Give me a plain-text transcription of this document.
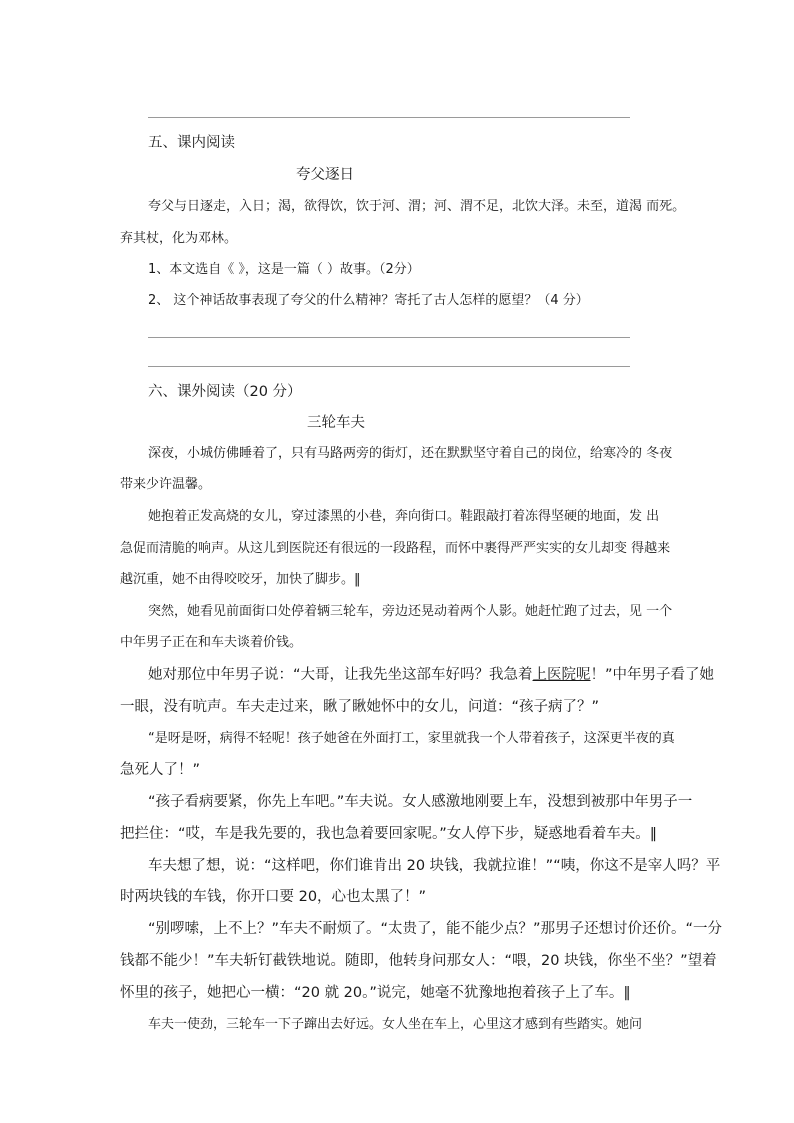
五、课内阅读
夸父逐日
夸父与日逐走，入日；渴，欲得饮，饮于河、渭；河、渭不足，北饮大泽。未至，道渴 而死。
弃其杖，化为邓林。
1、本文选自《 》，这是一篇（ ）故事。（2分）
2、 这个神话故事表现了夸父的什么精神？寄托了古人怎样的愿望？（4 分）
六、课外阅读（20 分）
三轮车夫
深夜，小城仿佛睡着了，只有马路两旁的街灯，还在默默坚守着自己的岗位，给寒冷的 冬夜
带来少许温馨。
她抱着正发高烧的女儿，穿过漆黑的小巷，奔向街口。鞋跟敲打着冻得坚硬的地面，发 出
急促而清脆的响声。从这儿到医院还有很远的一段路程，而怀中裹得严严实实的女儿却变 得越来
越沉重，她不由得咬咬牙，加快了脚步。‖
突然，她看见前面街口处停着辆三轮车，旁边还晃动着两个人影。她赶忙跑了过去，见 一个
中年男子正在和车夫谈着价钱。
她对那位中年男子说：“大哥，让我先坐这部车好吗？我急着上医院呢！”中年男子看了她
一眼，没有吭声。车夫走过来，瞅了瞅她怀中的女儿，问道：“孩子病了？”
“是呀是呀，病得不轻呢！孩子她爸在外面打工，家里就我一个人带着孩子，这深更半夜的真
急死人了！”
“孩子看病要紧，你先上车吧。”车夫说。女人感激地刚要上车，没想到被那中年男子一
把拦住：“哎，车是我先要的，我也急着要回家呢。”女人停下步，疑惑地看着车夫。‖
车夫想了想，说：“这样吧，你们谁肯出 20 块钱，我就拉谁！”“咦，你这不是宰人吗？平
时两块钱的车钱，你开口要 20，心也太黑了！”
“别啰嗦，上不上？”车夫不耐烦了。“太贵了，能不能少点？”那男子还想讨价还价。“一分
钱都不能少！”车夫斩钉截铁地说。随即，他转身问那女人：“喂，20 块钱，你坐不坐？”望着
怀里的孩子，她把心一横：“20 就 20。”说完，她毫不犹豫地抱着孩子上了车。‖
车夫一使劲，三轮车一下子蹿出去好远。女人坐在车上，心里这才感到有些踏实。她问
